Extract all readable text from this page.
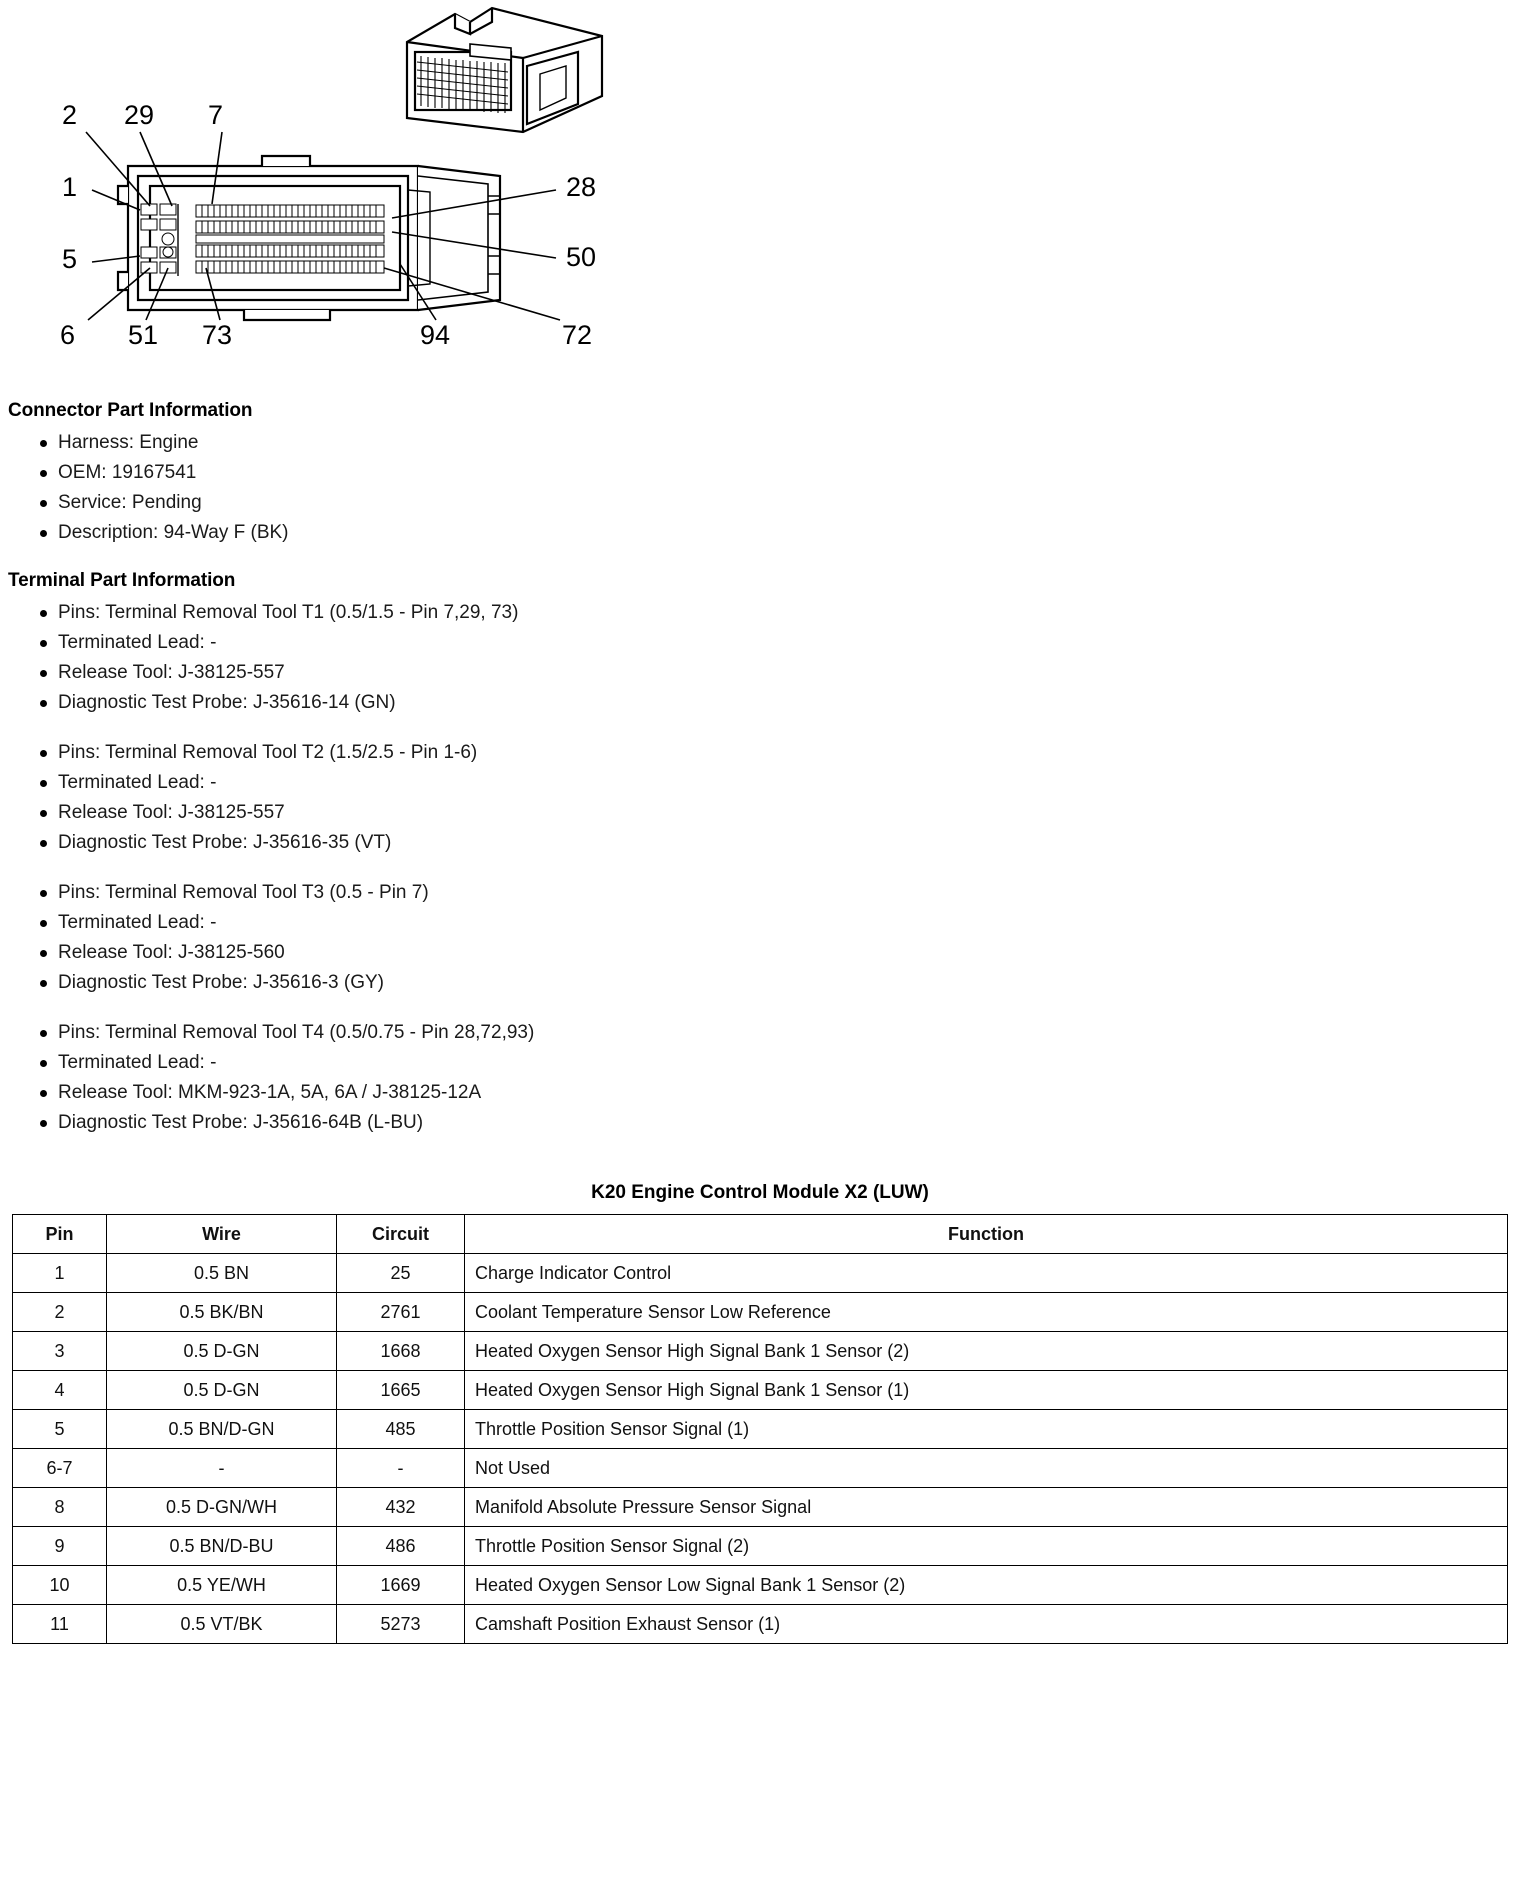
2 29 7
1	28
5	50
6 51 73	94	72
Connector Part Information
Harness: Engine
OEM: 19167541
Service: Pending
Description: 94-Way F (BK)
Terminal Part Information
Pins: Terminal Removal Tool T1 (0.5/1.5 - Pin 7,29, 73)
Terminated Lead: -
Release Tool: J-38125-557
Diagnostic Test Probe: J-35616-14 (GN)
Pins: Terminal Removal Tool T2 (1.5/2.5 - Pin 1-6)
Terminated Lead: -
Release Tool: J-38125-557
Diagnostic Test Probe: J-35616-35 (VT)
Pins: Terminal Removal Tool T3 (0.5 - Pin 7)
Terminated Lead: -
Release Tool: J-38125-560
Diagnostic Test Probe: J-35616-3 (GY)
Pins: Terminal Removal Tool T4 (0.5/0.75 - Pin 28,72,93)
Terminated Lead: -
Release Tool: MKM-923-1A, 5A, 6A / J-38125-12A
Diagnostic Test Probe: J-35616-64B (L-BU)
K20 Engine Control Module X2 (LUW)
Pin	Wire	Circuit	Function
1	0.5 BN	25	Charge Indicator Control
2	0.5 BK/BN	2761	Coolant Temperature Sensor Low Reference
3	0.5 D-GN	1668	Heated Oxygen Sensor High Signal Bank 1 Sensor (2)
4	0.5 D-GN	1665	Heated Oxygen Sensor High Signal Bank 1 Sensor (1)
5	0.5 BN/D-GN	485	Throttle Position Sensor Signal (1)
6-7	-	-	Not Used
8	0.5 D-GN/WH	432	Manifold Absolute Pressure Sensor Signal
9	0.5 BN/D-BU	486	Throttle Position Sensor Signal (2)
10	0.5 YE/WH	1669	Heated Oxygen Sensor Low Signal Bank 1 Sensor (2)
11	0.5 VT/BK	5273	Camshaft Position Exhaust Sensor (1)
